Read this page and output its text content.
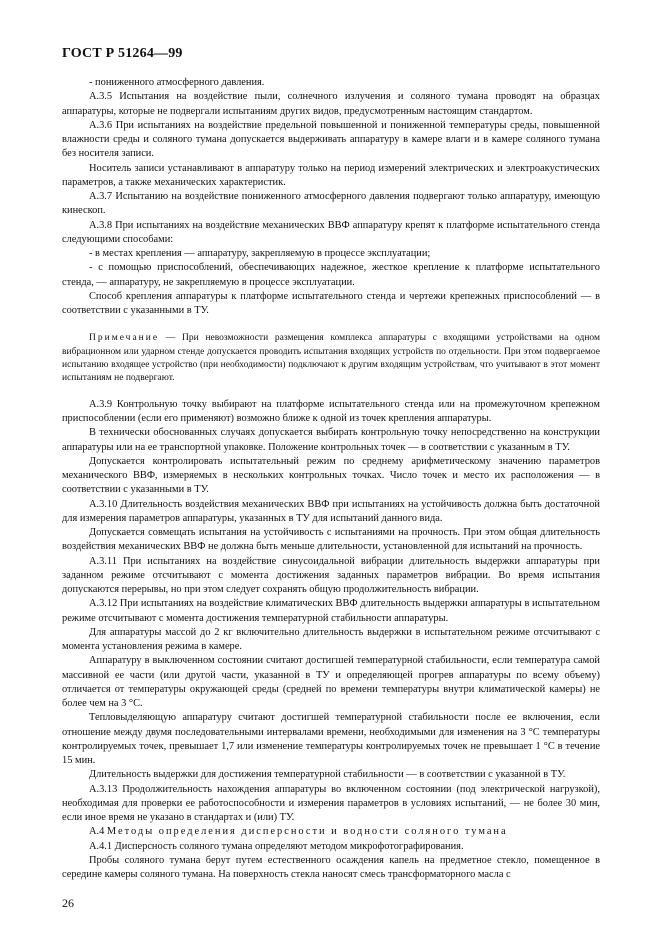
ГОСТ Р 51264—99

- пониженного атмосферного давления.

А.3.5 Испытания на воздействие пыли, солнечного излучения и соляного тумана проводят на образцах аппаратуры, которые не подвергали испытаниям других видов, предусмотренным настоящим стандартом.

А.3.6 При испытаниях на воздействие предельной повышенной и пониженной температуры среды, повышенной влажности среды и соляного тумана допускается выдерживать аппаратуру в камере влаги и в камере соляного тумана без носителя записи.

Носитель записи устанавливают в аппаратуру только на период измерений электрических и электроакустических параметров, а также механических характеристик.

А.3.7 Испытанию на воздействие пониженного атмосферного давления подвергают только аппаратуру, имеющую кинескоп.

А.3.8 При испытаниях на воздействие механических ВВФ аппаратуру крепят к платформе испытательного стенда следующими способами:

- в местах крепления — аппаратуру, закрепляемую в процессе эксплуатации;

- с помощью приспособлений, обеспечивающих надежное, жесткое крепление к платформе испытательного стенда, — аппаратуру, не закрепляемую в процессе эксплуатации.

Способ крепления аппаратуры к платформе испытательного стенда и чертежи крепежных приспособлений — в соответствии с указанными в ТУ.

Примечание — При невозможности размещения комплекса аппаратуры с входящими устройствами на одном вибрационном или ударном стенде допускается проводить испытания входящих устройств по отдельности. При этом подвергаемое испытанию входящее устройство (при необходимости) подключают к другим входящим устройствам, что учитывают в этот момент испытаниям не подвергают.

А.3.9 Контрольную точку выбирают на платформе испытательного стенда или на промежуточном крепежном приспособлении (если его применяют) возможно ближе к одной из точек крепления аппаратуры.

В технически обоснованных случаях допускается выбирать контрольную точку непосредственно на конструкции аппаратуры или на ее транспортной упаковке. Положение контрольных точек — в соответствии с указанным в ТУ.

Допускается контролировать испытательный режим по среднему арифметическому значению параметров механического ВВФ, измеряемых в нескольких контрольных точках. Число точек и место их расположения — в соответствии с указанными в ТУ.

А.3.10 Длительность воздействия механических ВВФ при испытаниях на устойчивость должна быть достаточной для измерения параметров аппаратуры, указанных в ТУ для испытаний данного вида.

Допускается совмещать испытания на устойчивость с испытаниями на прочность. При этом общая длительность воздействия механических ВВФ не должна быть меньше длительности, установленной для испытаний на прочность.

А.3.11 При испытаниях на воздействие синусоидальной вибрации длительность выдержки аппаратуры при заданном режиме отсчитывают с момента достижения заданных параметров вибрации. Во время испытания допускаются перерывы, но при этом следует сохранять общую продолжительность вибрации.

А.3.12 При испытаниях на воздействие климатических ВВФ длительность выдержки аппаратуры в испытательном режиме отсчитывают с момента достижения температурной стабильности аппаратуры.

Для аппаратуры массой до 2 кг включительно длительность выдержки в испытательном режиме отсчитывают с момента установления режима в камере.

Аппаратуру в выключенном состоянии считают достигшей температурной стабильности, если температура самой массивной ее части (или другой части, указанной в ТУ и определяющей прогрев аппаратуры по всему объему) отличается от температуры окружающей среды (средней по времени температуры внутри климатической камеры) не более чем на 3 °С.

Тепловыделяющую аппаратуру считают достигшей температурной стабильности после ее включения, если отношение между двумя последовательными интервалами времени, необходимыми для изменения на 3 °С температуры контролируемых точек, превышает 1,7 или изменение температуры контролируемых точек не превышает 1 °С в течение 15 мин.

Длительность выдержки для достижения температурной стабильности — в соответствии с указанной в ТУ.

А.3.13 Продолжительность нахождения аппаратуры во включенном состоянии (под электрической нагрузкой), необходимая для проверки ее работоспособности и измерения параметров в условиях испытаний, — не более 30 мин, если иное время не указано в стандартах и (или) ТУ.

А.4 Методы определения дисперсности и водности соляного тумана

А.4.1 Дисперсность соляного тумана определяют методом микрофотографирования.

Пробы соляного тумана берут путем естественного осаждения капель на предметное стекло, помещенное в середине камеры соляного тумана. На поверхность стекла наносят смесь трансформаторного масла с

26
